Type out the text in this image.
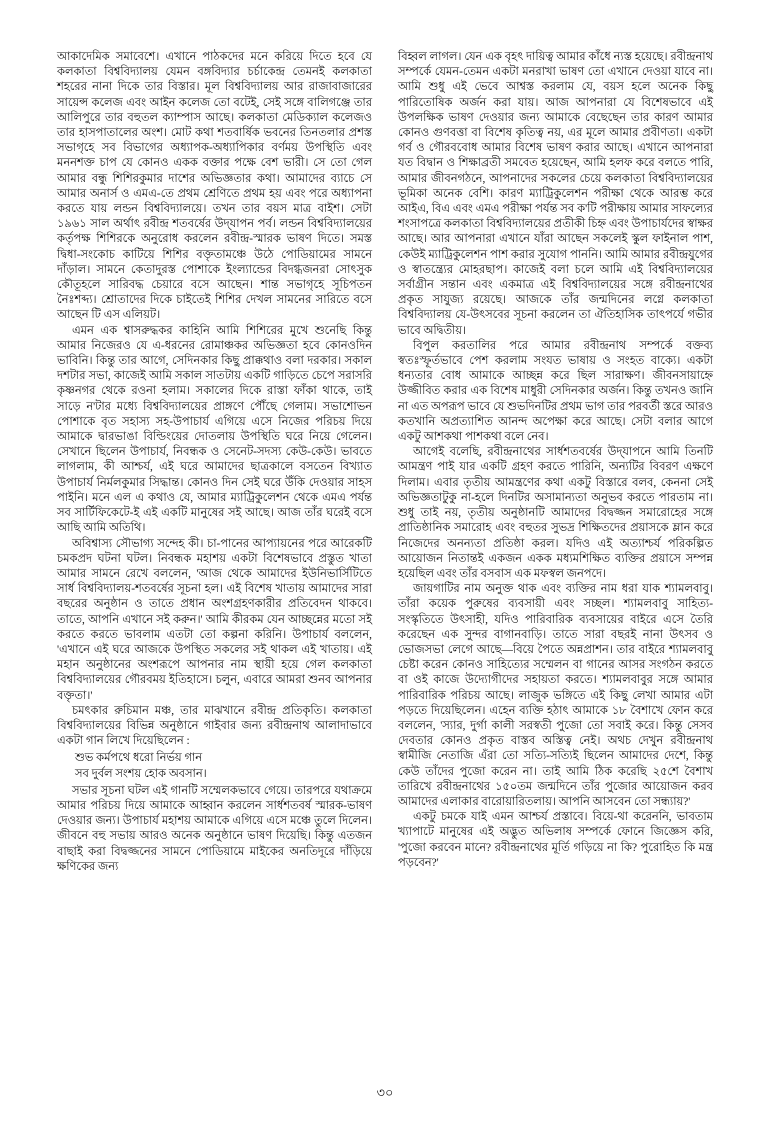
আকাদেমিক সমাবেশে। এখানে পাঠকদের মনে করিয়ে দিতে হবে যে কলকাতা বিশ্ববিদ্যালয় যেমন বঙ্গবিদ্যার চর্চাকেন্দ্র তেমনই কলকাতা শহরের নানা দিকে তার বিস্তার। মূল বিশ্ববিদ্যালয় আর রাজাবাজারের সায়েন্স কলেজ এবং আইন কলেজ তো বটেই, সেই সঙ্গে বালিগঞ্জে তার আলিপুরে তার বহুতল ক্যাম্পাস আছে। কলকাতা মেডিক্যাল কলেজও তার হাসপাতালের অংশ। মোট কথা শতবার্ষিক ভবনের তিনতলার প্রশস্ত সভাগৃহে সব বিভাগের অধ্যাপক-অধ্যাপিকার বর্ণময় উপস্থিতি এবং মননশক্ত চাপ যে কোনও একক বক্তার পক্ষে বেশ ভারী। সে তো গেল আমার বন্ধু শিশিরকুমার দাশের অভিজ্ঞতার কথা। আমাদের ব্যাচে সে আমার অনার্স ও এমএ-তে প্রথম শ্রেণিতে প্রথম হয় এবং পরে অধ্যাপনা করতে যায় লন্ডন বিশ্ববিদ্যালয়ে। তখন তার বয়স মাত্র বাইশ। সেটা ১৯৬১ সাল অর্থাৎ রবীন্দ্র শতবর্ষের উদ্‌যাপন পর্ব। লন্ডন বিশ্ববিদ্যালয়ের কর্তৃপক্ষ শিশিরকে অনুরোধ করলেন রবীন্দ্র-স্মারক ভাষণ দিতে। সমস্ত দ্বিধা-সংকোচ কাটিয়ে শিশির বক্তৃতামঞ্চে উঠে পোডিয়ামের সামনে দাঁড়াল। সামনে কেতাদুরস্ত পোশাকে ইংল্যান্ডের বিদগ্ধজনরা সোৎসুক কৌতূহলে সারিবদ্ধ চেয়ারে বসে আছেন। শান্ত সভাগৃহে সূচিপতন নৈঃশব্দ্য। শ্রোতাদের দিকে চাইতেই শিশির দেখল সামনের সারিতে বসে আছেন টি এস এলিয়ট।

এমন এক শ্বাসরুদ্ধকর কাহিনি আমি শিশিরের মুখে শুনেছি কিন্তু আমার নিজেরও যে এ-ধরনের রোমাঞ্চকর অভিজ্ঞতা হবে কোনওদিন ভাবিনি। কিন্তু তার আগে, সেদিনকার কিছু প্রাক্কথাও বলা দরকার। সকাল দশটার সভা, কাজেই আমি সকাল সাতটায় একটি গাড়িতে চেপে সরাসরি কৃষ্ণনগর থেকে রওনা হলাম। সকালের দিকে রাস্তা ফাঁকা থাকে, তাই সাড়ে ন'টার মধ্যে বিশ্ববিদ্যালয়ের প্রাঙ্গণে পৌঁছে গেলাম। সভাশোভন পোশাকে বৃত সহাস্য সহ-উপাচার্য এগিয়ে এসে নিজের পরিচয় দিয়ে আমাকে দ্বারভাঙা বিল্ডিংয়ের দোতলায় উপস্থিতি ঘরে নিয়ে গেলেন। সেখানে ছিলেন উপাচার্য, নিবন্ধক ও সেনেট-সদস্য কেউ-কেউ। ভাবতে লাগলাম, কী আশ্চর্য, এই ঘরে আমাদের ছাত্রকালে বসতেন বিখ্যাত উপাচার্য নির্মলকুমার সিদ্ধান্ত। কোনও দিন সেই ঘরে উঁকি দেওয়ার সাহস পাইনি। মনে এল এ কথাও যে, আমার ম্যাট্রিকুলেশন থেকে এমএ পর্যন্ত সব সার্টিফিকেটে-ই এই একটি মানুষের সই আছে। আজ তাঁর ঘরেই বসে আছি আমি অতিথি।

অবিশ্বাস্য সৌভাগ্য সন্দেহ কী। চা-পানের আপ্যায়নের পরে আরেকটি চমকপ্রদ ঘটনা ঘটল। নিবন্ধক মহাশয় একটা বিশেষভাবে প্রস্তুত খাতা আমার সামনে রেখে বললেন, 'আজ থেকে আমাদের ইউনিভার্সিটিতে সার্ধ বিশ্ববিদ্যালয়-শতবর্ষের সূচনা হল। এই বিশেষ খাতায় আমাদের সারা বছরের অনুষ্ঠান ও তাতে প্রধান অংশগ্রহণকারীর প্রতিবেদন থাকবে। তাতে, আপনি এখানে সই করুন।' আমি কীরকম যেন আচ্ছন্নের মতো সই করতে করতে ভাবলাম এতটা তো কল্পনা করিনি। উপাচার্য বললেন, 'এখানে এই ঘরে আজকে উপস্থিত সকলের সই থাকল এই খাতায়। এই মহান অনুষ্ঠানের অংশরূপে আপনার নাম স্থায়ী হয়ে গেল কলকাতা বিশ্ববিদ্যালয়ের গৌরবময় ইতিহাসে। চলুন, এবারে আমরা শুনব আপনার বক্তৃতা।'

চমৎকার রুচিমান মঞ্চ, তার মাঝখানে রবীন্দ্র প্রতিকৃতি। কলকাতা বিশ্ববিদ্যালয়ের বিভিন্ন অনুষ্ঠানে গাইবার জন্য রবীন্দ্রনাথ আলাদাভাবে একটা গান লিখে দিয়েছিলেন :

শুভ কর্মপথে ধরো নির্ভয় গান
সব দুর্বল সংশয় হোক অবসান।

সভার সূচনা ঘটল এই গানটি সম্মেলকভাবে গেয়ে। তারপরে যথাক্রমে আমার পরিচয় দিয়ে আমাকে আহ্বান করলেন সার্ধশতবর্ষ স্মারক-ভাষণ দেওয়ার জন্য। উপাচার্য মহাশয় আমাকে এগিয়ে এসে মঞ্চে তুলে দিলেন। জীবনে বহু সভায় আরও অনেক অনুষ্ঠানে ভাষণ দিয়েছি। কিন্তু এতজন বাছাই করা বিদ্বজ্জনের সামনে পোডিয়ামে মাইকের অনতিদূরে দাঁড়িয়ে ক্ষণিকের জন্য

বিহ্বল লাগল। যেন এক বৃহৎ দায়িত্ব আমার কাঁধে ন্যস্ত হয়েছে। রবীন্দ্রনাথ সম্পর্কে যেমন-তেমন একটা মনরাখা ভাষণ তো এখানে দেওয়া যাবে না। আমি শুধু এই ভেবে আশ্বস্ত করলাম যে, বয়স হলে অনেক কিছু পারিতোষিক অর্জন করা যায়। আজ আপনারা যে বিশেষভাবে এই উপলক্ষিক ভাষণ দেওয়ার জন্য আমাকে বেছেছেন তার কারণ আমার কোনও গুণবত্তা বা বিশেষ কৃতিত্ব নয়, এর মূলে আমার প্রবীণতা। একটা গর্ব ও গৌরববোধ আমার বিশেষ ভাষণ করার আছে। এখানে আপনারা যত বিদ্বান ও শিক্ষাব্রতী সমবেত হয়েছেন, আমি হলফ করে বলতে পারি, আমার জীবনগঠনে, আপনাদের সকলের চেয়ে কলকাতা বিশ্ববিদ্যালয়ের ভূমিকা অনেক বেশি। কারণ ম্যাট্রিকুলেশন পরীক্ষা থেকে আরম্ভ করে আইএ, বিএ এবং এমএ পরীক্ষা পর্যন্ত সব ক'টি পরীক্ষায় আমার সাফল্যের শংসাপত্রে কলকাতা বিশ্ববিদ্যালয়ের প্রতীকী চিহ্ন এবং উপাচার্যদের স্বাক্ষর আছে। আর আপনারা এখানে যাঁরা আছেন সকলেই স্কুল ফাইনাল পাশ, কেউই ম্যাট্রিকুলেশন পাশ করার সুযোগ পাননি। আমি আমার রবীন্দ্রযুগের ও স্বাতন্ত্র্যের মোহরছাপ। কাজেই বলা চলে আমি এই বিশ্ববিদ্যালয়ের সর্বাগ্রীন সন্তান এবং একমাত্র এই বিশ্ববিদ্যালয়ের সঙ্গে রবীন্দ্রনাথের প্রকৃত সাযুজ্য রয়েছে। আজকে তাঁর জন্মদিনের লগ্নে কলকাতা বিশ্ববিদ্যালয় যে-উৎসবের সূচনা করলেন তা ঐতিহাসিক তাৎপর্যে গভীর ভাবে অদ্বিতীয়।

বিপুল করতালির পরে আমার রবীন্দ্রনাথ সম্পর্কে বক্তব্য স্বতঃস্ফূর্তভাবে পেশ করলাম সংযত ভাষায় ও সংহত বাক্যে। একটা ধন্যতার বোধ আমাকে আচ্ছন্ন করে ছিল সারাক্ষণ। জীবনসায়াহ্নে উজ্জীবিত করার এক বিশেষ মাধুরী সেদিনকার অর্জন। কিন্তু তখনও জানি না এত অপরূপ ভাবে যে শুভদিনটির প্রথম ভাগ তার পরবর্তী স্তরে আরও কতখানি অপ্রত্যাশিত আনন্দ অপেক্ষা করে আছে। সেটা বলার আগে একটু আশকথা পাশকথা বলে নেব।

আগেই বলেছি, রবীন্দ্রনাথের সার্ধশতবর্ষের উদ্‌যাপনে আমি তিনটি আমন্ত্রণ পাই যার একটি গ্রহণ করতে পারিনি, অন্যটির বিবরণ এক্ষণে দিলাম। এবার তৃতীয় আমন্ত্রণের কথা একটু বিস্তারে বলব, কেননা সেই অভিজ্ঞতাটুকু না-হলে দিনটির অসামান্যতা অনুভব করতে পারতাম না। শুধু তাই নয়, তৃতীয় অনুষ্ঠানটি আমাদের বিদ্বজ্জন সমারোহের সঙ্গে প্রাতিষ্ঠানিক সমারোহ এবং বহুতর সুভদ্র শিক্ষিতদের প্রয়াসকে ম্লান করে নিজেদের অনন্যতা প্রতিষ্ঠা করল। যদিও এই অত্যাশ্চর্য পরিকল্পিত আয়োজন নিতান্তই একজন একক মধ্যমশিক্ষিত ব্যক্তির প্রয়াসে সম্পন্ন হয়েছিল এবং তাঁর বসবাস এক মফস্বল জনপদে।

জায়গাটির নাম অনুক্ত থাক এবং ব্যক্তির নাম ধরা যাক শ্যামলবাবু। তাঁরা কয়েক পুরুষের ব্যবসায়ী এবং সচ্ছল। শ্যামলবাবু সাহিত্য-সংস্কৃতিতে উৎসাহী, যদিও পারিবারিক ব্যবসায়ের বাইরে এসে তৈরি করেছেন এক সুন্দর বাগানবাড়ি। তাতে সারা বছরই নানা উৎসব ও ভোজসভা লেগে আছে—বিয়ে পৈতে অন্নপ্রাশন। তার বাইরে শ্যামলবাবু চেষ্টা করেন কোনও সাহিত্যের সম্মেলন বা গানের আসর সংগঠন করতে বা ওই কাজে উদ্যোগীদের সহায়তা করতে। শ্যামলবাবুর সঙ্গে আমার পারিবারিক পরিচয় আছে। লাজুক ভঙ্গিতে এই কিছু লেখা আমার এটা পড়তে দিয়েছিলেন। এহেন ব্যক্তি হঠাৎ আমাকে ১৮ বৈশাখে ফোন করে বললেন, 'স্যার, দুর্গা কালী সরস্বতী পুজো তো সবাই করে। কিন্তু সেসব দেবতার কোনও প্রকৃত বাস্তব অস্তিত্ব নেই। অথচ দেখুন রবীন্দ্রনাথ স্বামীজি নেতাজি এঁরা তো সত্যি-সত্যিই ছিলেন আমাদের দেশে, কিন্তু কেউ তাঁদের পুজো করেন না। তাই আমি ঠিক করেছি ২৫শে বৈশাখ তারিখে রবীন্দ্রনাথের ১৫০তম জন্মদিনে তাঁর পুজোর আয়োজন করব আমাদের এলাকার বারোয়ারিতলায়। আপনি আসবেন তো সন্ধ্যায়?'

একটু চমকে যাই এমন আশ্চর্য প্রস্তাবে। বিয়ে-থা করেননি, ভাবতাম খ্যাপাটে মানুষের এই অদ্ভুত অভিলাষ সম্পর্কে ফোনে জিজ্ঞেস করি, 'পুজো করবেন মানে? রবীন্দ্রনাথের মূর্তি গড়িয়ে না কি? পুরোহিত কি মন্ত্র পড়বেন?'

৩০
